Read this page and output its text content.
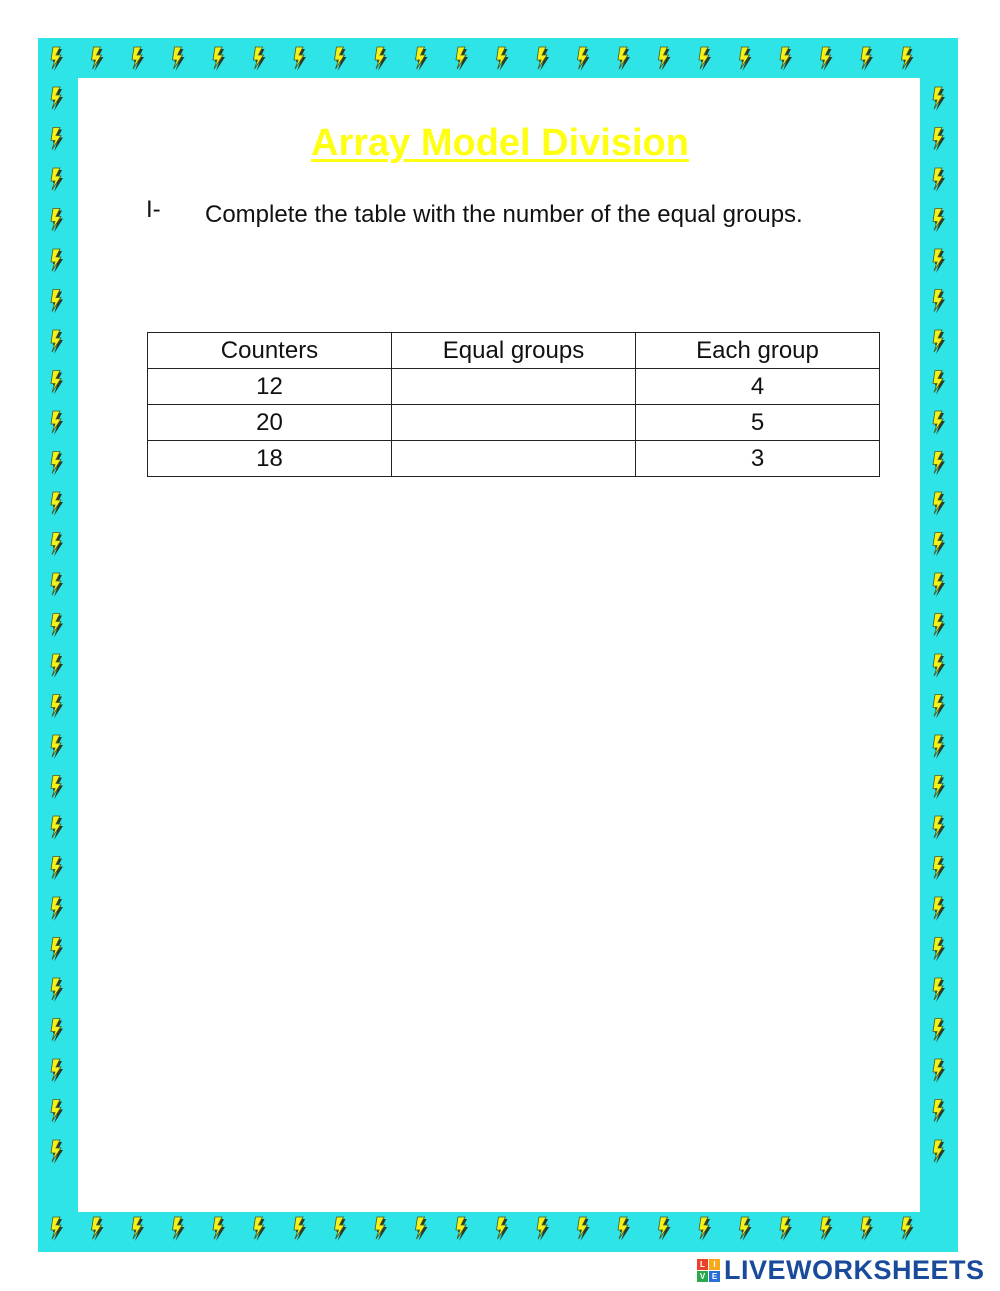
Array Model Division
I- Complete the table with the number of the equal groups.
Counters	Equal groups	Each group
12		4
20		5
18		3
L	I
V E LIVEWORKSHEETS
